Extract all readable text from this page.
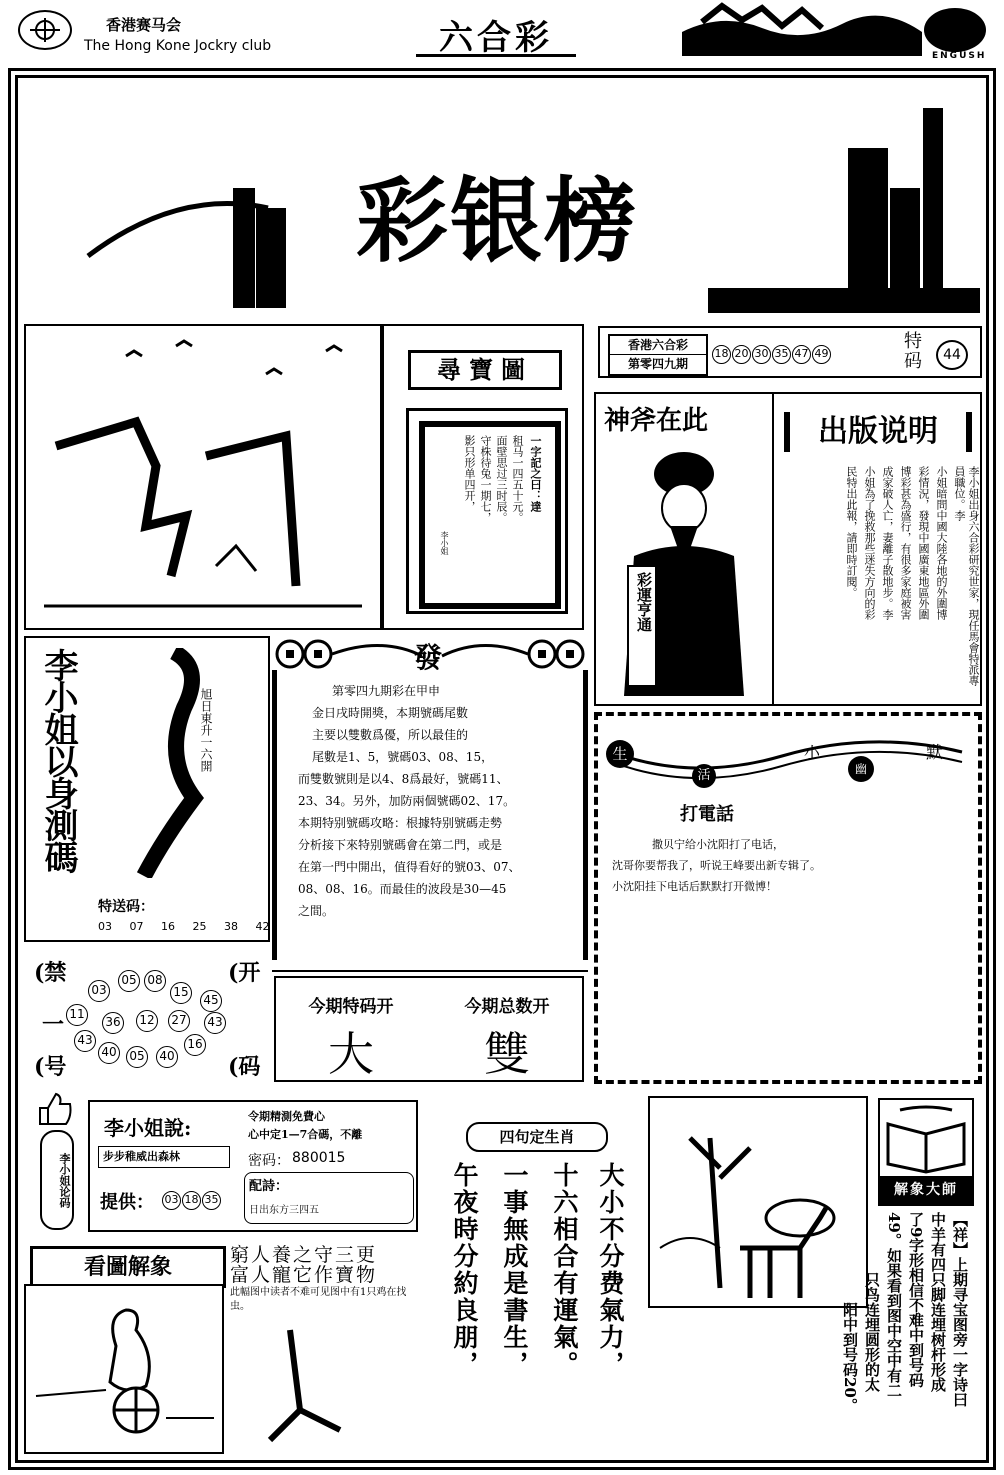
香港赛马会
The Hong Kone Jockry club	六合彩	ENGUSH
彩银榜
尋寶圖
一字記之曰：達
租马一四五十元。
面壁思过三时辰。
守株待兔一期七，
影只形单四开，
李小姐
香港六合彩
第零四九期
18 20 30 35 47 49
特码	44
神斧在此
彩運亨通
出版说明
李小姐出身六合彩研究世家，現任馬會特派專員職位。李
小姐暗問中國大陸各地的外圍博
彩情況，發現中國廣東地區外圍
博彩甚為盛行，有很多家庭被害
成家破人亡，妻離子散地步。李
小姐為了挽救那些迷失方向的彩
民特出此報，請即時訂閱。
李小姐以身測碼	旭日東升一六開
特送码：
03 07 16 25 38 42
發
第零四九期彩在甲申
金日戌時開獎，本期號碼尾數
主要以雙數爲優，所以最佳的
尾數是1、5，號碼03、08、15，
而雙數號則是以4、8爲最好，號碼11、
23、34。另外，加防兩個號碼02、17。
本期特别號碼攻略：根據特别號碼走勢
分析接下來特别號碼會在第二門，或是
在第一門中開出，值得看好的號03、07、
08、08、16。而最佳的波段是30—45
之間。
(禁
一
(号
(开
(码
05 08
03	15
45
11
36 12 27 43
43
40 05 40
16
今期特码开	今期总数开
大	雙
生
活
小
幽
默
打電話
撒贝宁给小沈阳打了电话，
沈哥你要帮我了，听说王峰要出新专辑了。
小沈阳挂下电话后默默打开微博！
李小姐论码
李小姐說:	令期精測免費心
心中定1—7合碼，不離
步步稚威出森林	密码： 880015
提供： 03 18 35
配詩：
日出东方三四五
四句定生肖
大小不分费氣力，
十六相合有運氣。
一事無成是書生，
午夜時分約良朋，
看圖解象	窮人養之守三更
富人寵它作寶物
此幅图中读者不难可见图中有1只鸡在找虫。
解象大師
【祥】上期寻宝图旁一字诗曰
中羊有四只脚连埋树杆形成
了9字形相信不难中到号码
49。如果看到图中空中有二
只鸟连埋圆形的太
阳中到号码20。
